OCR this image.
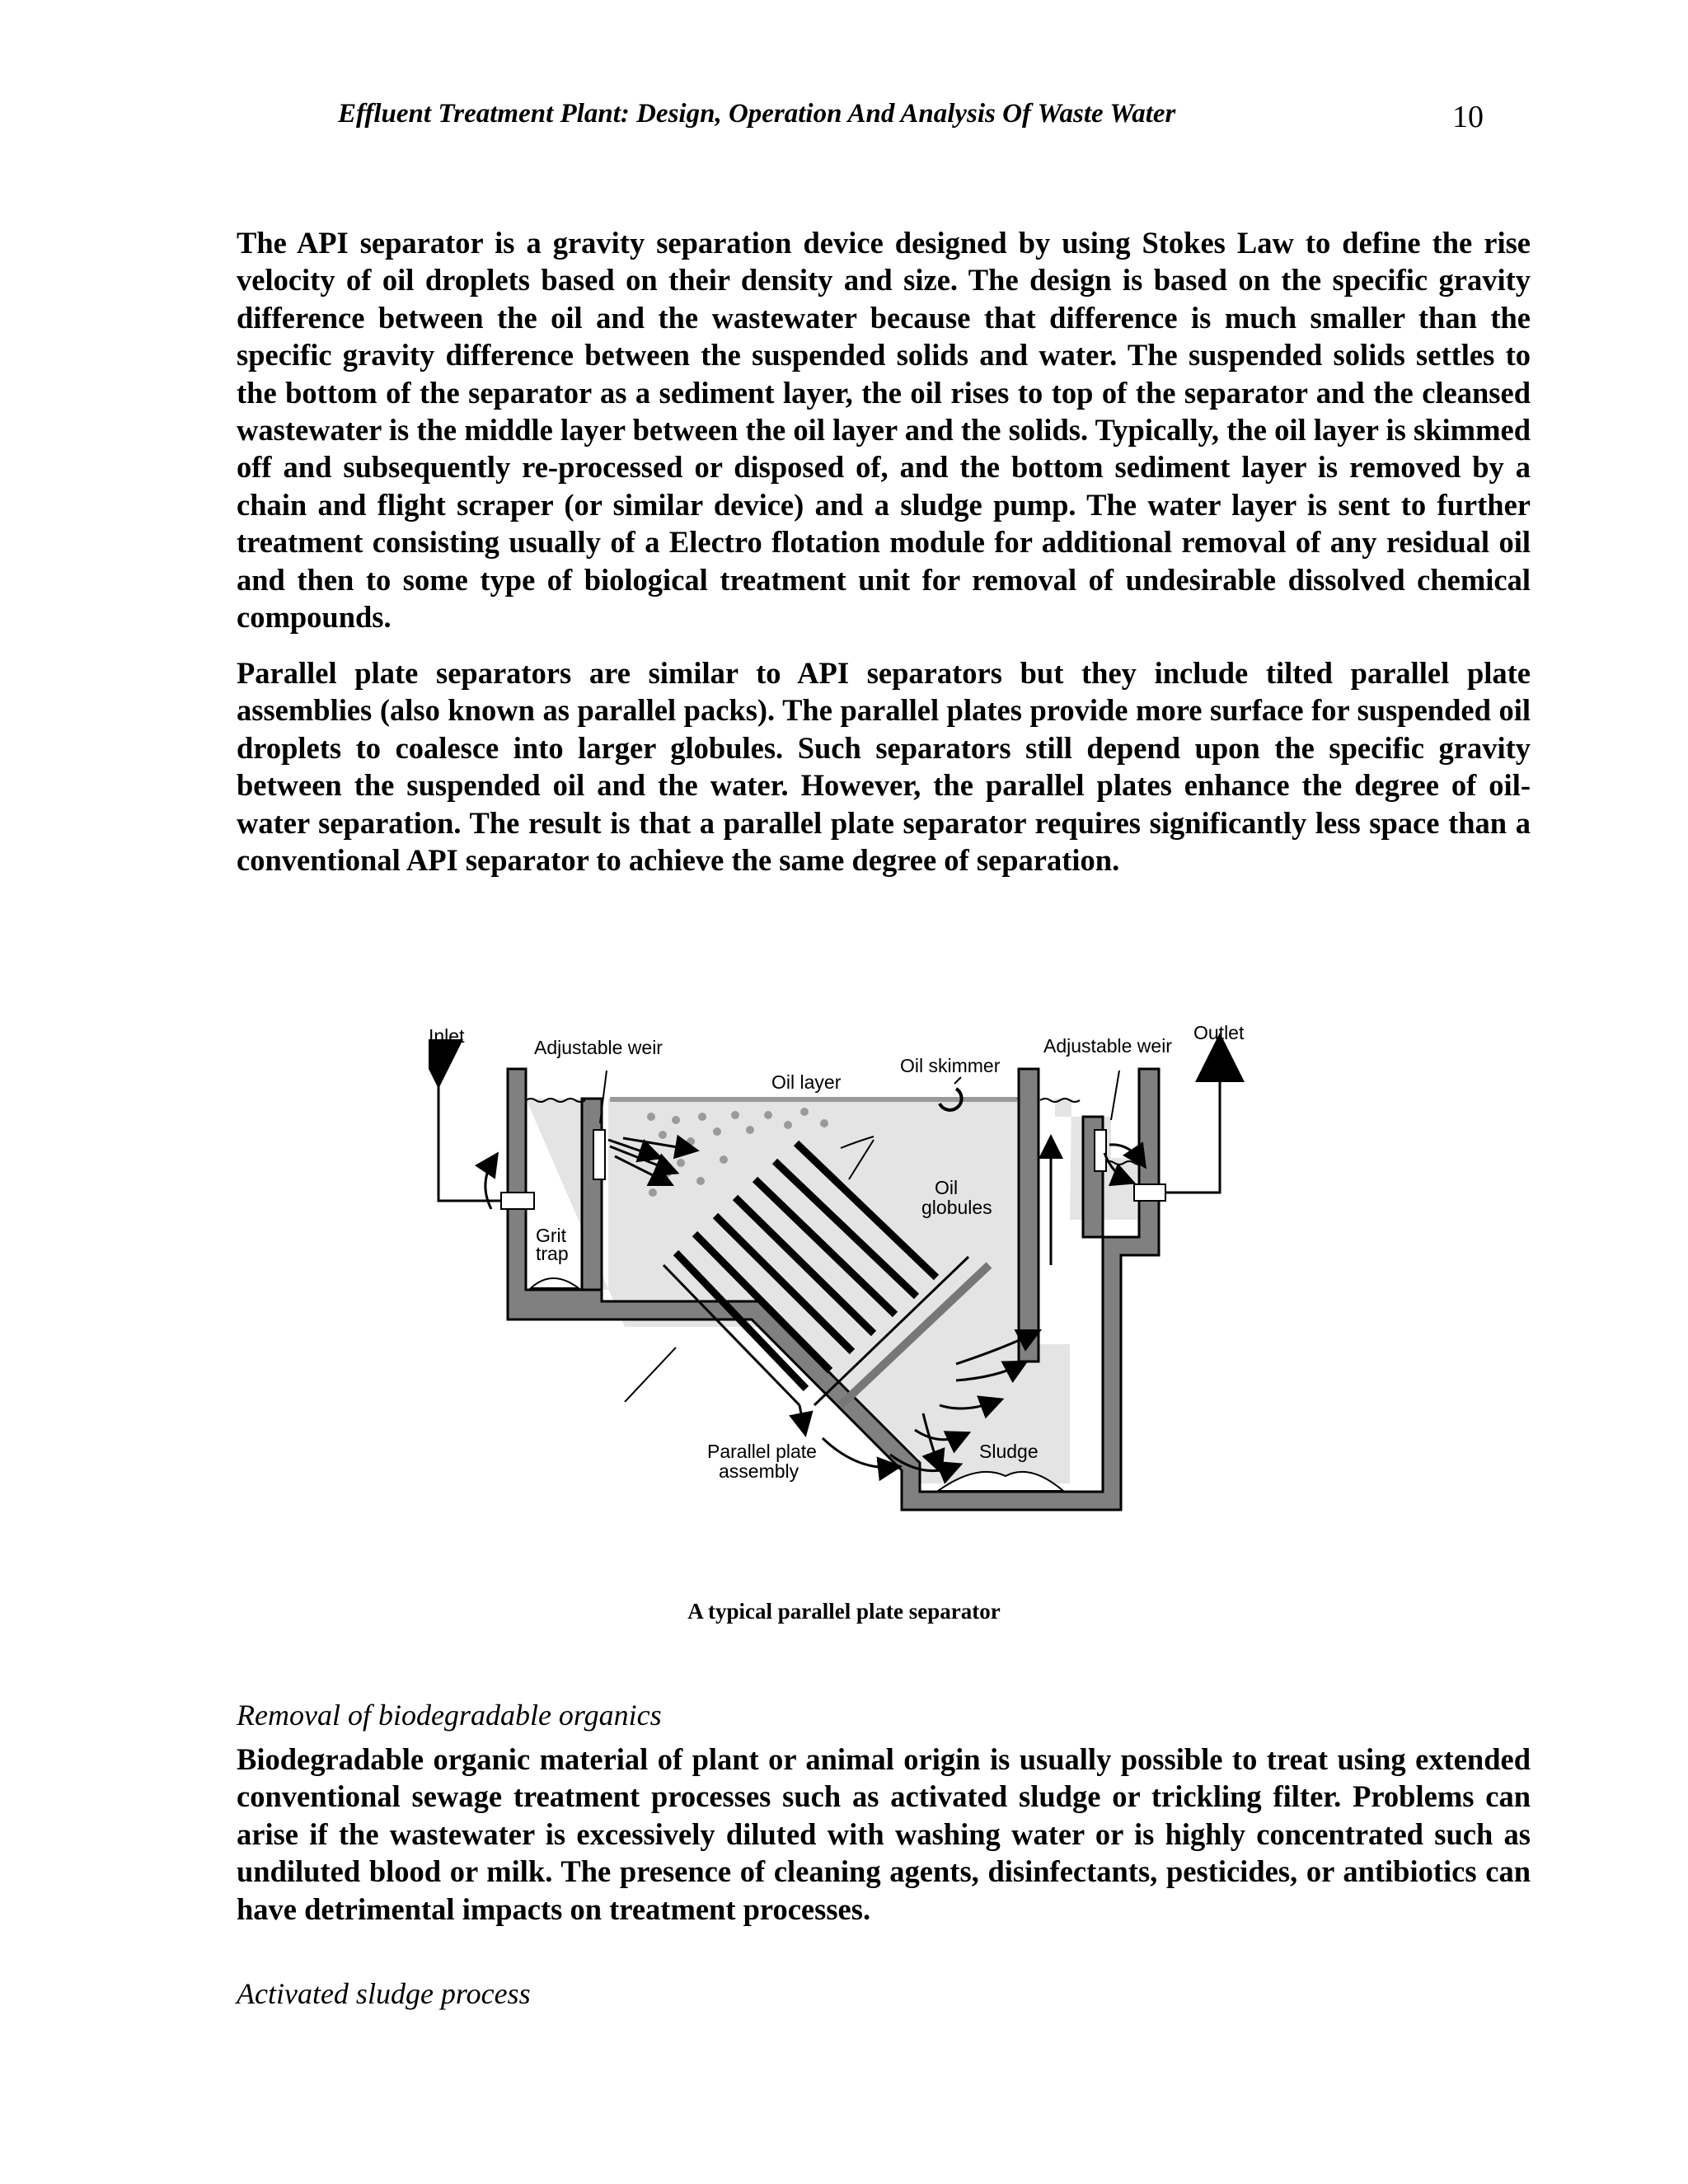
Effluent Treatment Plant: Design, Operation And Analysis Of Waste Water	10

The API separator is a gravity separation device designed by using Stokes Law to define the rise velocity of oil droplets based on their density and size. The design is based on the specific gravity difference between the oil and the wastewater because that difference is much smaller than the specific gravity difference between the suspended solids and water. The suspended solids settles to the bottom of the separator as a sediment layer, the oil rises to top of the separator and the cleansed wastewater is the middle layer between the oil layer and the solids. Typically, the oil layer is skimmed off and subsequently re-processed or disposed of, and the bottom sediment layer is removed by a chain and flight scraper (or similar device) and a sludge pump. The water layer is sent to further treatment consisting usually of a Electro flotation module for additional removal of any residual oil and then to some type of biological treatment unit for removal of undesirable dissolved chemical compounds.

Parallel plate separators are similar to API separators but they include tilted parallel plate assemblies (also known as parallel packs). The parallel plates provide more surface for suspended oil droplets to coalesce into larger globules. Such separators still depend upon the specific gravity between the suspended oil and the water. However, the parallel plates enhance the degree of oil-water separation. The result is that a parallel plate separator requires significantly less space than a conventional API separator to achieve the same degree of separation.

Inlet
Adjustable weir
Oil layer
Oil skimmer
Adjustable weir
Outlet
Oil
globules
Grit
trap
Parallel plate
assembly
Sludge
A typical parallel plate separator
Removal of biodegradable organics

Biodegradable organic material of plant or animal origin is usually possible to treat using extended conventional sewage treatment processes such as activated sludge or trickling filter. Problems can arise if the wastewater is excessively diluted with washing water or is highly concentrated such as undiluted blood or milk. The presence of cleaning agents, disinfectants, pesticides, or antibiotics can have detrimental impacts on treatment processes.

Activated sludge process
